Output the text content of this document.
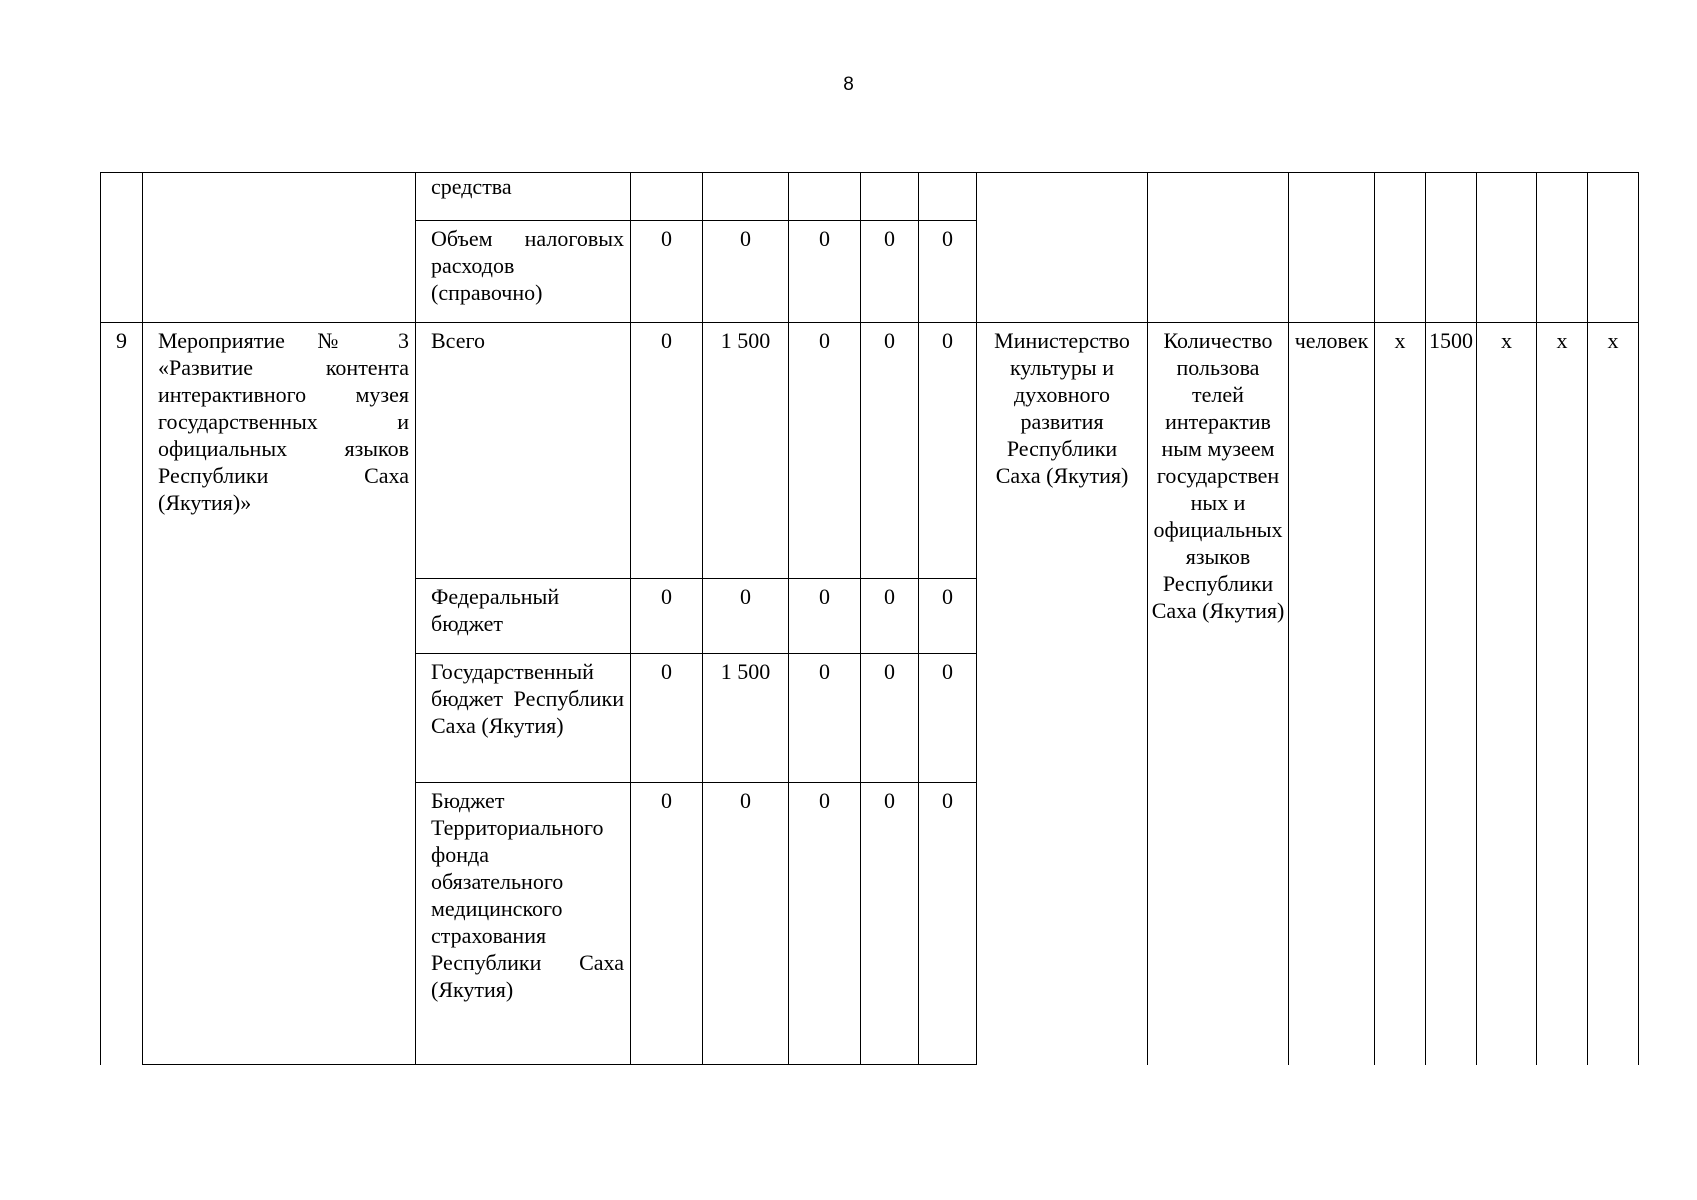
8

		средства													

		Объем налоговых расходов (справочно)	0	0	0	0	0								

9	Мероприятие № 3 «Развитие контента интерактивного музея государственных и официальных языков Республики Саха (Якутия)»	Всего	0	1 500	0	0	0	Министерство культуры и духовного развития Республики Саха (Якутия)	Количество пользова телей интерактив ным музеем государствен ных и официальных языков Республики Саха (Якутия)	человек	x	1500	x	x	x

		Федеральный бюджет	0	0	0	0	0								

		Государственный бюджет Республики Саха (Якутия)	0	1 500	0	0	0								

		Бюджет Территориального фонда обязательного медицинского страхования Республики Саха (Якутия)	0	0	0	0	0								
